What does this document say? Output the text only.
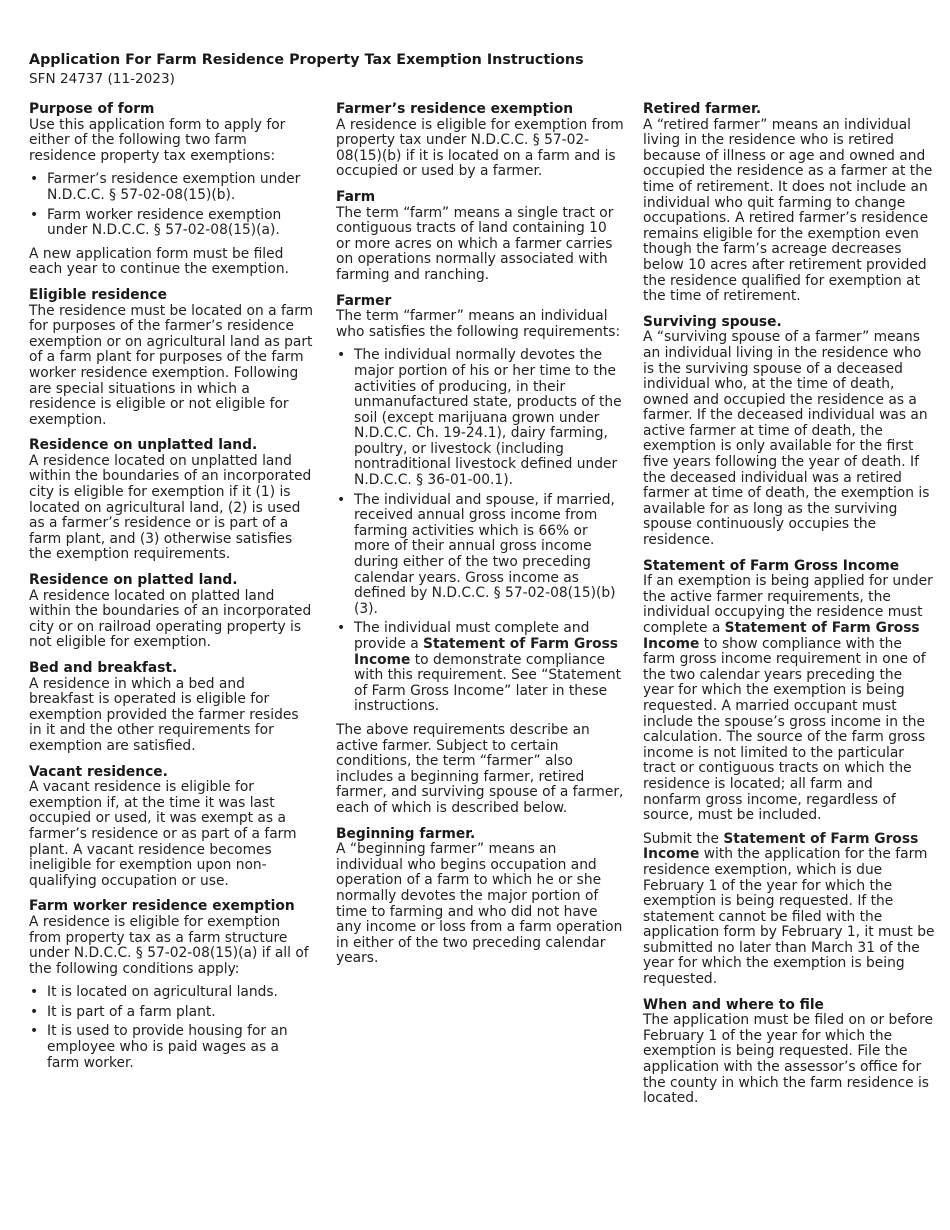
Application For Farm Residence Property Tax Exemption Instructions
SFN 24737 (11-2023)
Purpose of form

Use this application form to apply for either of the following two farm residence property tax exemptions:

• Farmer’s residence exemption under N.D.C.C. § 57-02-08(15)(b).
• Farm worker residence exemption under N.D.C.C. § 57-02-08(15)(a).

A new application form must be filed each year to continue the exemption.

Eligible residence

The residence must be located on a farm for purposes of the farmer’s residence exemption or on agricultural land as part of a farm plant for purposes of the farm worker residence exemption. Following are special situations in which a residence is eligible or not eligible for exemption.

Residence on unplatted land.

A residence located on unplatted land within the boundaries of an incorporated city is eligible for exemption if it (1) is located on agricultural land, (2) is used as a farmer’s residence or is part of a farm plant, and (3) otherwise satisfies the exemption requirements.

Residence on platted land.

A residence located on platted land within the boundaries of an incorporated city or on railroad operating property is not eligible for exemption.

Bed and breakfast.

A residence in which a bed and breakfast is operated is eligible for exemption provided the farmer resides in it and the other requirements for exemption are satisfied.

Vacant residence.

A vacant residence is eligible for exemption if, at the time it was last occupied or used, it was exempt as a farmer’s residence or as part of a farm plant. A vacant residence becomes ineligible for exemption upon non-qualifying occupation or use.

Farm worker residence exemption

A residence is eligible for exemption from property tax as a farm structure under N.D.C.C. § 57-02-08(15)(a) if all of the following conditions apply:

• It is located on agricultural lands.
• It is part of a farm plant.
• It is used to provide housing for an employee who is paid wages as a farm worker.
Farmer’s residence exemption

A residence is eligible for exemption from property tax under N.D.C.C. § 57-02-08(15)(b) if it is located on a farm and is occupied or used by a farmer.

Farm

The term “farm” means a single tract or contiguous tracts of land containing 10 or more acres on which a farmer carries on operations normally associated with farming and ranching.

Farmer

The term “farmer” means an individual who satisfies the following requirements:

• The individual normally devotes the major portion of his or her time to the activities of producing, in their unmanufactured state, products of the soil (except marijuana grown under N.D.C.C. Ch. 19-24.1), dairy farming, poultry, or livestock (including nontraditional livestock defined under N.D.C.C. § 36-01-00.1).
• The individual and spouse, if married, received annual gross income from farming activities which is 66% or more of their annual gross income during either of the two preceding calendar years. Gross income as defined by N.D.C.C. § 57-02-08(15)(b)(3).
• The individual must complete and provide a Statement of Farm Gross Income to demonstrate compliance with this requirement. See “Statement of Farm Gross Income” later in these instructions.

The above requirements describe an active farmer. Subject to certain conditions, the term “farmer” also includes a beginning farmer, retired farmer, and surviving spouse of a farmer, each of which is described below.

Beginning farmer.

A “beginning farmer” means an individual who begins occupation and operation of a farm to which he or she normally devotes the major portion of time to farming and who did not have any income or loss from a farm operation in either of the two preceding calendar years.

Retired farmer.

A “retired farmer” means an individual living in the residence who is retired because of illness or age and owned and occupied the residence as a farmer at the time of retirement. It does not include an individual who quit farming to change occupations. A retired farmer’s residence remains eligible for the exemption even though the farm’s acreage decreases below 10 acres after retirement provided the residence qualified for exemption at the time of retirement.

Surviving spouse.

A “surviving spouse of a farmer” means an individual living in the residence who is the surviving spouse of a deceased individual who, at the time of death, owned and occupied the residence as a farmer. If the deceased individual was an active farmer at time of death, the exemption is only available for the first five years following the year of death. If the deceased individual was a retired farmer at time of death, the exemption is available for as long as the surviving spouse continuously occupies the residence.

Statement of Farm Gross Income

If an exemption is being applied for under the active farmer requirements, the individual occupying the residence must complete a Statement of Farm Gross Income to show compliance with the farm gross income requirement in one of the two calendar years preceding the year for which the exemption is being requested. A married occupant must include the spouse’s gross income in the calculation. The source of the farm gross income is not limited to the particular tract or contiguous tracts on which the residence is located; all farm and nonfarm gross income, regardless of source, must be included.

Submit the Statement of Farm Gross Income with the application for the farm residence exemption, which is due February 1 of the year for which the exemption is being requested. If the statement cannot be filed with the application form by February 1, it must be submitted no later than March 31 of the year for which the exemption is being requested.

When and where to file

The application must be filed on or before February 1 of the year for which the exemption is being requested. File the application with the assessor’s office for the county in which the farm residence is located.
